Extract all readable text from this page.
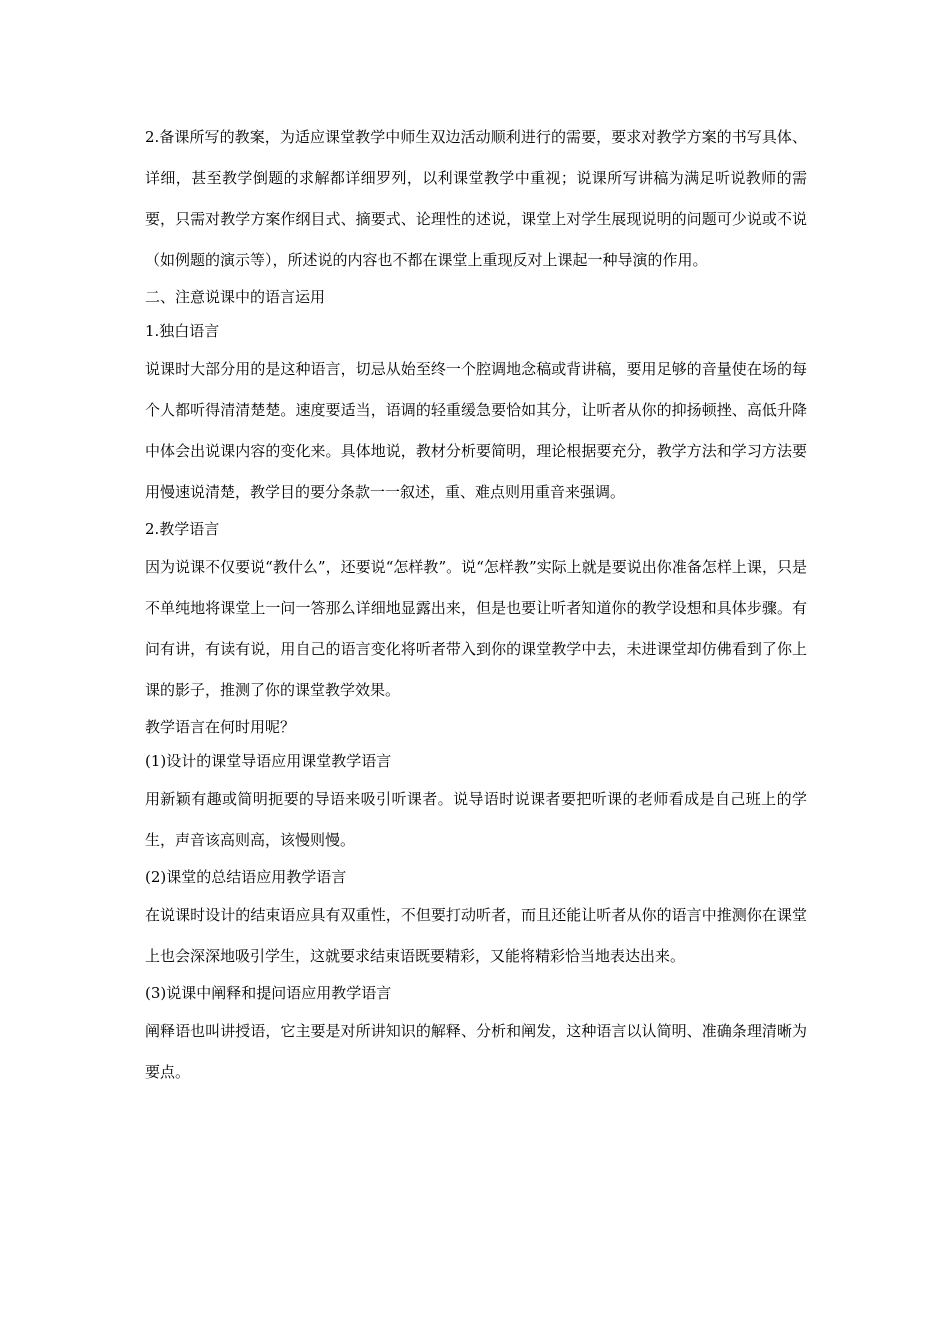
2.备课所写的教案，为适应课堂教学中师生双边活动顺利进行的需要，要求对教学方案的书写具体、详细，甚至教学倒题的求解都详细罗列，以利课堂教学中重视；说课所写讲稿为满足听说教师的需要，只需对教学方案作纲目式、摘要式、论理性的述说，课堂上对学生展现说明的问题可少说或不说（如例题的演示等），所述说的内容也不都在课堂上重现反对上课起一种导演的作用。

二、注意说课中的语言运用

1.独白语言

说课时大部分用的是这种语言，切忌从始至终一个腔调地念稿或背讲稿，要用足够的音量使在场的每个人都听得清清楚楚。速度要适当，语调的轻重缓急要恰如其分，让听者从你的抑扬顿挫、高低升降中体会出说课内容的变化来。具体地说，教材分析要简明，理论根据要充分，教学方法和学习方法要用慢速说清楚，教学目的要分条款一一叙述，重、难点则用重音来强调。

2.教学语言

因为说课不仅要说“教什么”，还要说“怎样教”。说“怎样教”实际上就是要说出你准备怎样上课，只是不单纯地将课堂上一问一答那么详细地显露出来，但是也要让听者知道你的教学设想和具体步骤。有问有讲，有读有说，用自己的语言变化将听者带入到你的课堂教学中去，未进课堂却仿佛看到了你上课的影子，推测了你的课堂教学效果。

教学语言在何时用呢？

(1)设计的课堂导语应用课堂教学语言

用新颖有趣或简明扼要的导语来吸引听课者。说导语时说课者要把听课的老师看成是自己班上的学生，声音该高则高，该慢则慢。

(2)课堂的总结语应用教学语言

在说课时设计的结束语应具有双重性，不但要打动听者，而且还能让听者从你的语言中推测你在课堂上也会深深地吸引学生，这就要求结束语既要精彩，又能将精彩恰当地表达出来。

(3)说课中阐释和提问语应用教学语言

阐释语也叫讲授语，它主要是对所讲知识的解释、分析和阐发，这种语言以认简明、准确条理清晰为要点。
